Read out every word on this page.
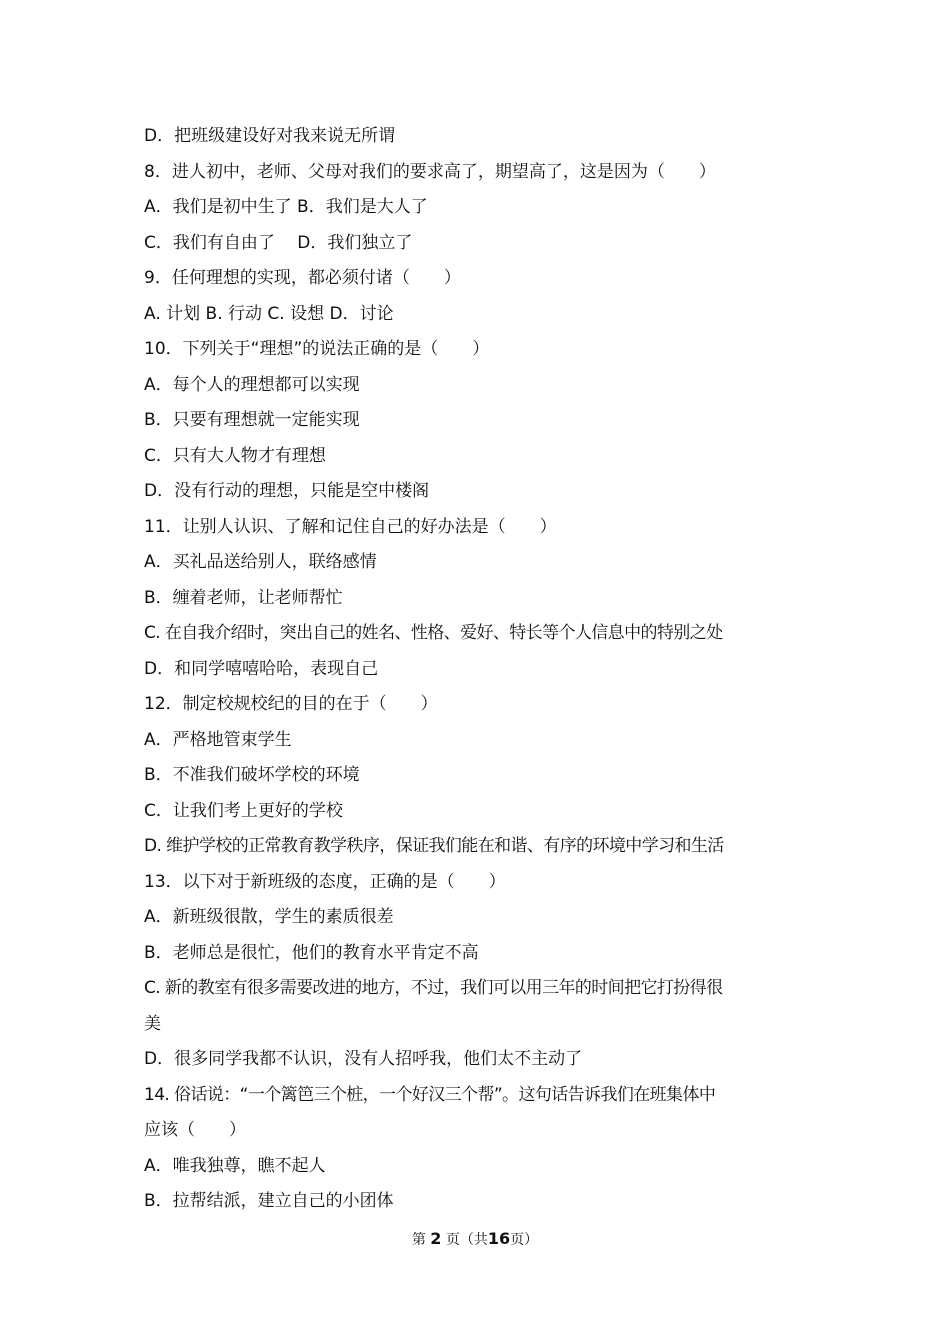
D．把班级建设好对我来说无所谓
8．进人初中，老师、父母对我们的要求高了，期望高了，这是因为（　　）
A．我们是初中生了 B．我们是大人了
C．我们有自由了　 D．我们独立了
9．任何理想的实现，都必须付诸（　　）
A. 计划 B. 行动 C. 设想 D．讨论
10．下列关于“理想”的说法正确的是（　　）
A．每个人的理想都可以实现
B．只要有理想就一定能实现
C．只有大人物才有理想
D．没有行动的理想，只能是空中楼阁
11．让别人认识、了解和记住自己的好办法是（　　）
A．买礼品送给别人，联络感情
B．缠着老师，让老师帮忙
C. 在自我介绍时，突出自己的姓名、性格、爱好、特长等个人信息中的特别之处
D．和同学嘻嘻哈哈，表现自己
12．制定校规校纪的目的在于（　　）
A．严格地管束学生
B．不准我们破坏学校的环境
C．让我们考上更好的学校
D. 维护学校的正常教育教学秩序，保证我们能在和谐、有序的环境中学习和生活
13．以下对于新班级的态度，正确的是（　　）
A．新班级很散，学生的素质很差
B．老师总是很忙，他们的教育水平肯定不高
C. 新的教室有很多需要改进的地方，不过，我们可以用三年的时间把它打扮得很
美
D．很多同学我都不认识，没有人招呼我，他们太不主动了
14. 俗话说：“一个篱笆三个桩，一个好汉三个帮”。这句话告诉我们在班集体中
应该（　　）
A．唯我独尊，瞧不起人
B．拉帮结派，建立自己的小团体
第 2 页（共16页）
